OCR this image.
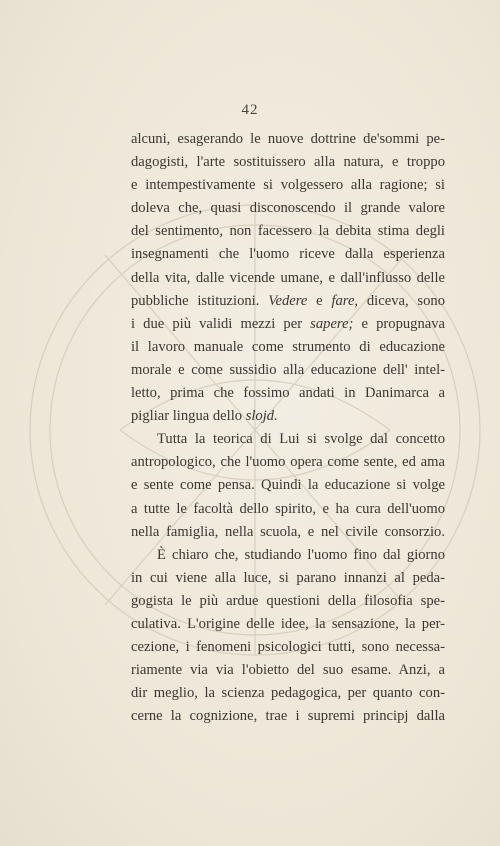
42
alcuni, esagerando le nuove dottrine de'sommi pe-
dagogisti, l'arte sostituissero alla natura, e troppo
e intempestivamente si volgessero alla ragione; si
doleva che, quasi disconoscendo il grande valore
del sentimento, non facessero la debita stima degli
insegnamenti che l'uomo riceve dalla esperienza
della vita, dalle vicende umane, e dall'influsso delle
pubbliche istituzioni. Vedere e fare, diceva, sono
i due più validi mezzi per sapere; e propugnava
il lavoro manuale come strumento di educazione
morale e come sussidio alla educazione dell' intel-
letto, prima che fossimo andati in Danimarca a
pigliar lingua dello slojd.
Tutta la teorica di Lui si svolge dal concetto
antropologico, che l'uomo opera come sente, ed ama
e sente come pensa. Quindi la educazione si volge
a tutte le facoltà dello spirito, e ha cura dell'uomo
nella famiglia, nella scuola, e nel civile consorzio.
È chiaro che, studiando l'uomo fino dal giorno
in cui viene alla luce, si parano innanzi al peda-
gogista le più ardue questioni della filosofia spe-
culativa. L'origine delle idee, la sensazione, la per-
cezione, i fenomeni psicologici tutti, sono necessa-
riamente via via l'obietto del suo esame. Anzi, a
dir meglio, la scienza pedagogica, per quanto con-
cerne la cognizione, trae i supremi principj dalla
